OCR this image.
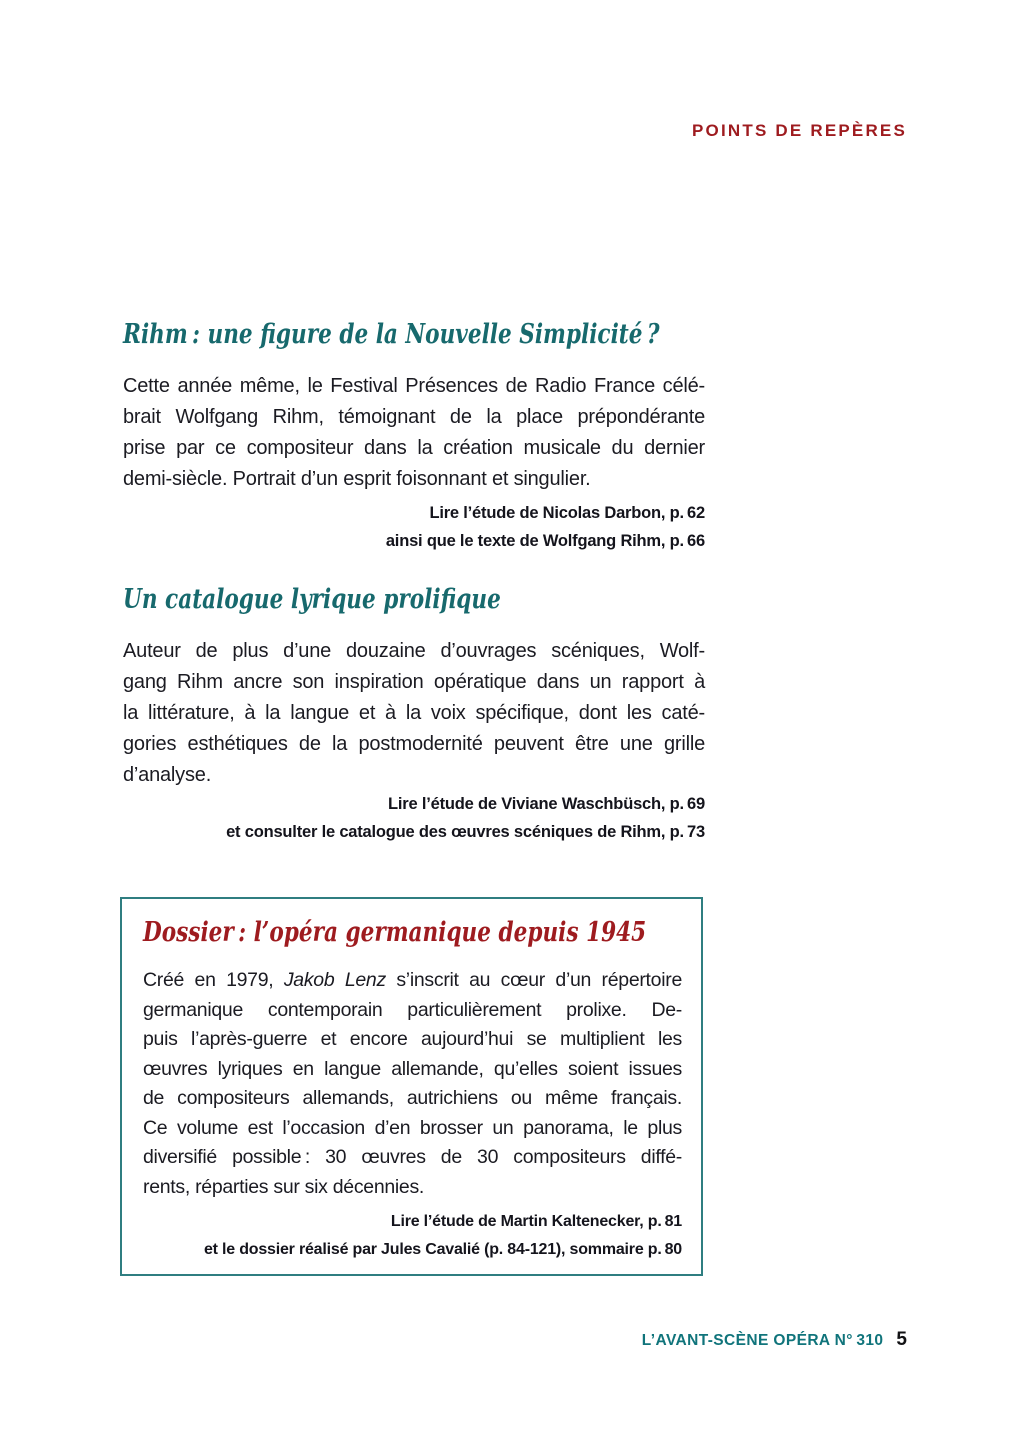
POINTS DE REPÈRES
Rihm : une figure de la Nouvelle Simplicité ?
Cette année même, le Festival Présences de Radio France célé-
brait Wolfgang Rihm, témoignant de la place prépondérante
prise par ce compositeur dans la création musicale du dernier
demi-siècle. Portrait d’un esprit foisonnant et singulier.
Lire l’étude de Nicolas Darbon, p. 62
ainsi que le texte de Wolfgang Rihm, p. 66
Un catalogue lyrique prolifique
Auteur de plus d’une douzaine d’ouvrages scéniques, Wolf-
gang Rihm ancre son inspiration opératique dans un rapport à
la littérature, à la langue et à la voix spécifique, dont les caté-
gories esthétiques de la postmodernité peuvent être une grille
d’analyse.
Lire l’étude de Viviane Waschbüsch, p. 69
et consulter le catalogue des œuvres scéniques de Rihm, p. 73
Dossier : l’opéra germanique depuis 1945
Créé en 1979, Jakob Lenz s’inscrit au cœur d’un répertoire
germanique contemporain particulièrement prolixe. De-
puis l’après-guerre et encore aujourd’hui se multiplient les
œuvres lyriques en langue allemande, qu’elles soient issues
de compositeurs allemands, autrichiens ou même français.
Ce volume est l’occasion d’en brosser un panorama, le plus
diversifié possible : 30 œuvres de 30 compositeurs diffé-
rents, réparties sur six décennies.
Lire l’étude de Martin Kaltenecker, p. 81
et le dossier réalisé par Jules Cavalié (p. 84-121), sommaire p. 80
L’AVANT-SCÈNE OPÉRA N° 310 5
